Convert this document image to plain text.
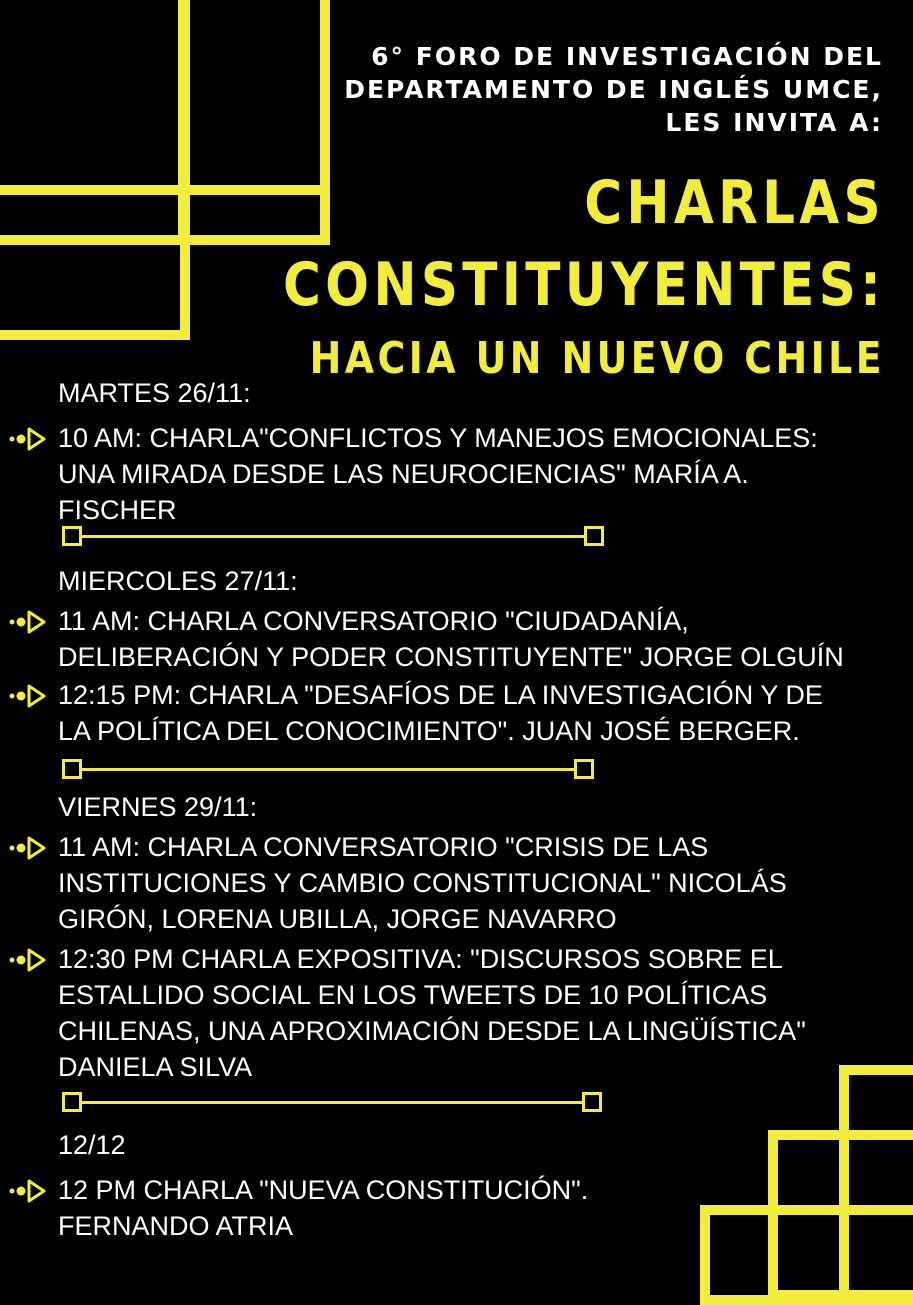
6° FORO DE INVESTIGACIÓN DEL
DEPARTAMENTO DE INGLÉS UMCE,
LES INVITA A:
CHARLAS
CONSTITUYENTES:
HACIA UN NUEVO CHILE
MARTES 26/11:
10 AM: CHARLA"CONFLICTOS Y MANEJOS EMOCIONALES:
UNA MIRADA DESDE LAS NEUROCIENCIAS" MARÍA A.
FISCHER
MIERCOLES 27/11:
11 AM: CHARLA CONVERSATORIO "CIUDADANÍA,
DELIBERACIÓN Y PODER CONSTITUYENTE" JORGE OLGUÍN
12:15 PM: CHARLA "DESAFÍOS DE LA INVESTIGACIÓN Y DE
LA POLÍTICA DEL CONOCIMIENTO". JUAN JOSÉ BERGER.
VIERNES 29/11:
11 AM: CHARLA CONVERSATORIO "CRISIS DE LAS
INSTITUCIONES Y CAMBIO CONSTITUCIONAL" NICOLÁS
GIRÓN, LORENA UBILLA, JORGE NAVARRO
12:30 PM CHARLA EXPOSITIVA: "DISCURSOS SOBRE EL
ESTALLIDO SOCIAL EN LOS TWEETS DE 10 POLÍTICAS
CHILENAS, UNA APROXIMACIÓN DESDE LA LINGÜÍSTICA"
DANIELA SILVA
12/12
12 PM CHARLA "NUEVA CONSTITUCIÓN".
FERNANDO ATRIA
